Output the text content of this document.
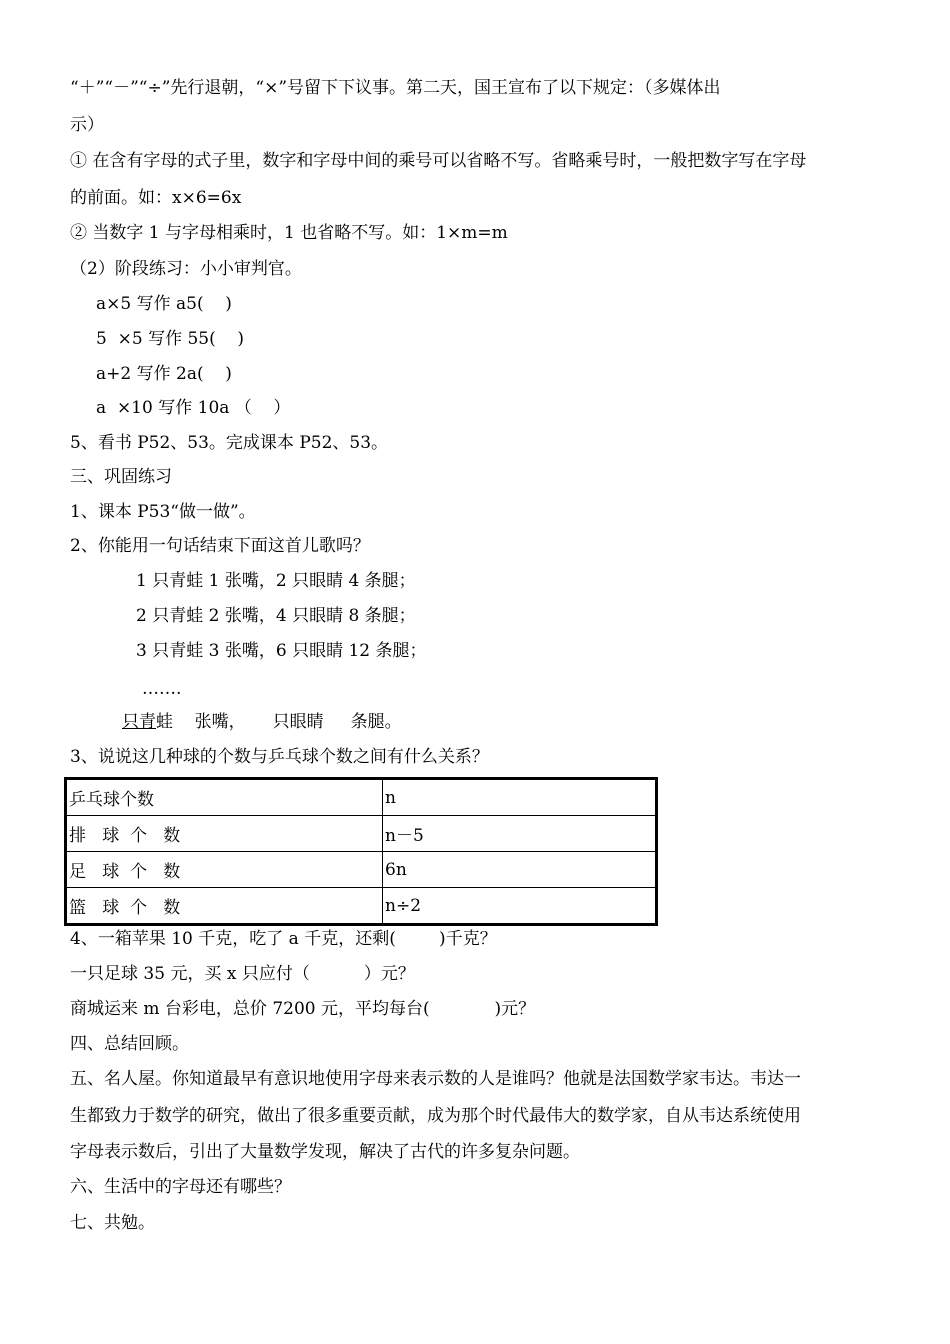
“＋”“－”“÷”先行退朝，“×”号留下下议事。第二天，国王宣布了以下规定：（多媒体出
示）
① 在含有字母的式子里，数字和字母中间的乘号可以省略不写。省略乘号时，一般把数字写在字母
的前面。如：x×6=6x
② 当数字 1 与字母相乘时，1 也省略不写。如：1×m=m
（2）阶段练习：小小审判官。
a×5 写作 a5(    )
5  ×5 写作 55(    )
a+2 写作 2a(    )
a  ×10 写作 10a （    ）
5、看书 P52、53。完成课本 P52、53。
三、巩固练习
1、课本 P53“做一做”。
2、你能用一句话结束下面这首儿歌吗？
1 只青蛙 1 张嘴，2 只眼睛 4 条腿；
2 只青蛙 2 张嘴，4 只眼睛 8 条腿；
3 只青蛙 3 张嘴，6 只眼睛 12 条腿；
…….
只青蛙    张嘴，     只眼睛     条腿。
3、说说这几种球的个数与乒乓球个数之间有什么关系？
4、一箱苹果 10 千克，吃了 a 千克，还剩(        )千克？
一只足球 35 元，买 x 只应付（          ）元？
商城运来 m 台彩电，总价 7200 元，平均每台(            )元？
四、总结回顾。
五、名人屋。你知道最早有意识地使用字母来表示数的人是谁吗？他就是法国数学家韦达。韦达一
生都致力于数学的研究，做出了很多重要贡献，成为那个时代最伟大的数学家，自从韦达系统使用
字母表示数后，引出了大量数学发现，解决了古代的许多复杂问题。
六、生活中的字母还有哪些？
七、共勉。
乒乓球个数	n
排   球  个   数	n－5
足   球  个   数	6n
篮   球  个   数	n÷2
